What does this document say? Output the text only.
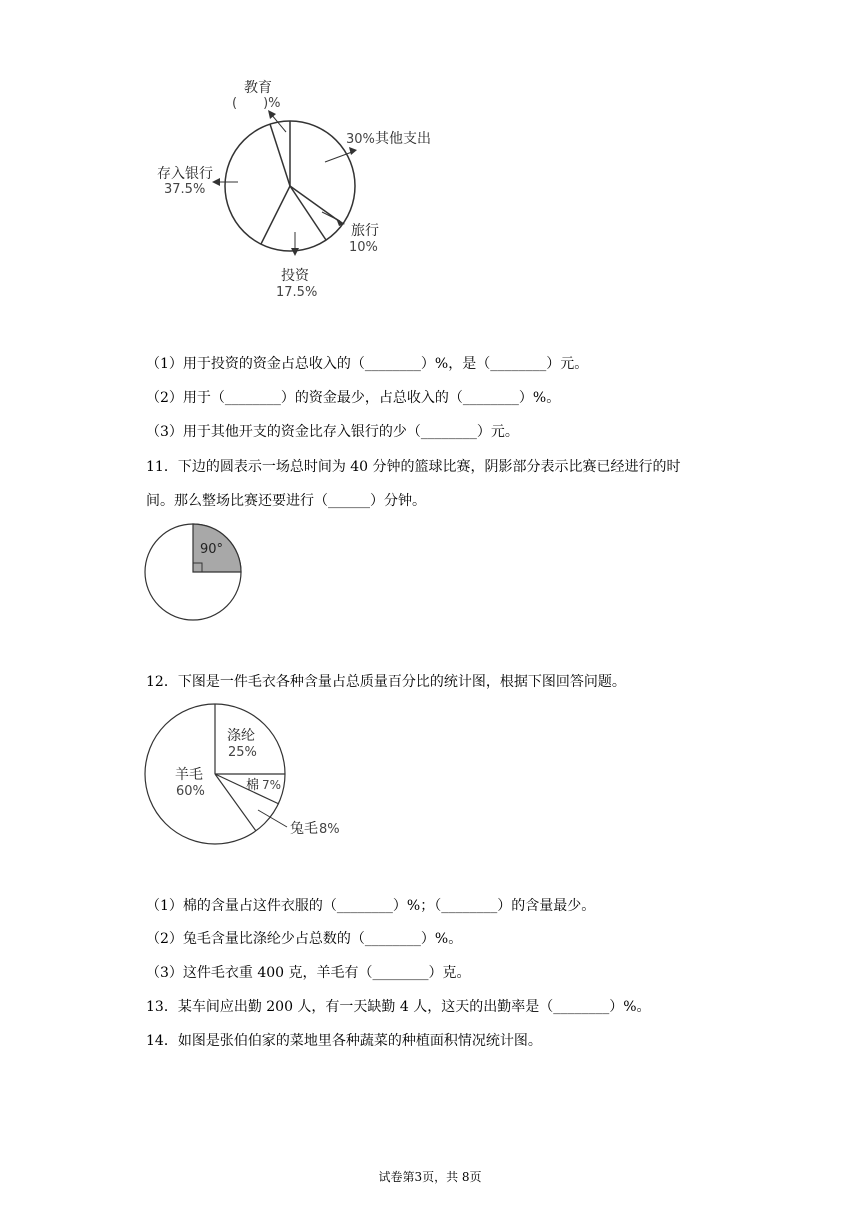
教育
(　　)%
30% 其他支出
旅行
10%
投资
17.5%
存入银行
37.5%
（1）用于投资的资金占总收入的（________）%，是（________）元。
（2）用于（________）的资金最少，占总收入的（________）%。
（3）用于其他开支的资金比存入银行的少（________）元。
11．下边的圆表示一场总时间为 40 分钟的篮球比赛，阴影部分表示比赛已经进行的时
间。那么整场比赛还要进行（______）分钟。
90°
12．下图是一件毛衣各种含量占总质量百分比的统计图，根据下图回答问题。
涤纶
25%
棉 7%
羊毛
60%
兔毛 8%
（1）棉的含量占这件衣服的（________）%；（________）的含量最少。
（2）兔毛含量比涤纶少占总数的（________）%。
（3）这件毛衣重 400 克，羊毛有（________）克。
13．某车间应出勤 200 人，有一天缺勤 4 人，这天的出勤率是（________）%。
14．如图是张伯伯家的菜地里各种蔬菜的种植面积情况统计图。
试卷第3页，共 8页
